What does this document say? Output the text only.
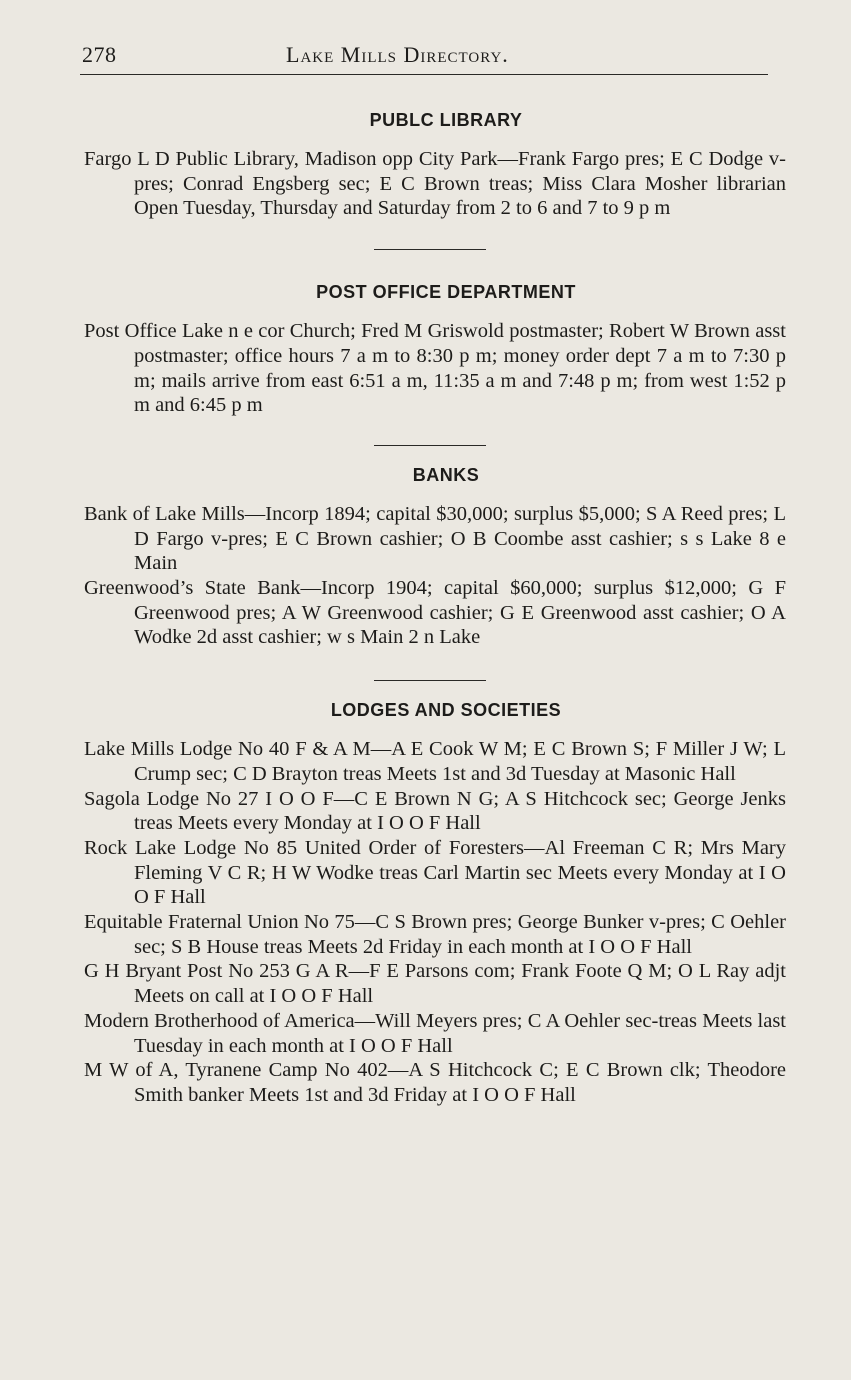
278	Lake Mills Directory.
PUBLC LIBRARY

Fargo L D Public Library, Madison opp City Park—Frank Fargo pres; E C Dodge v-pres; Conrad Engsberg sec; E C Brown treas; Miss Clara Mosher librarian Open Tuesday, Thursday and Saturday from 2 to 6 and 7 to 9 p m

POST OFFICE DEPARTMENT

Post Office Lake n e cor Church; Fred M Griswold postmaster; Robert W Brown asst postmaster; office hours 7 a m to 8:30 p m; money order dept 7 a m to 7:30 p m; mails arrive from east 6:51 a m, 11:35 a m and 7:48 p m; from west 1:52 p m and 6:45 p m

BANKS

Bank of Lake Mills—Incorp 1894; capital $30,000; surplus $5,000; S A Reed pres; L D Fargo v-pres; E C Brown cashier; O B Coombe asst cashier; s s Lake 8 e Main

Greenwood’s State Bank—Incorp 1904; capital $60,000; surplus $12,000; G F Greenwood pres; A W Greenwood cashier; G E Greenwood asst cashier; O A Wodke 2d asst cashier; w s Main 2 n Lake

LODGES AND SOCIETIES

Lake Mills Lodge No 40 F & A M—A E Cook W M; E C Brown S; F Miller J W; L Crump sec; C D Brayton treas Meets 1st and 3d Tuesday at Masonic Hall

Sagola Lodge No 27 I O O F—C E Brown N G; A S Hitchcock sec; George Jenks treas Meets every Monday at I O O F Hall

Rock Lake Lodge No 85 United Order of Foresters—Al Freeman C R; Mrs Mary Fleming V C R; H W Wodke treas Carl Martin sec Meets every Monday at I O O F Hall

Equitable Fraternal Union No 75—C S Brown pres; George Bunker v-pres; C Oehler sec; S B House treas Meets 2d Friday in each month at I O O F Hall

G H Bryant Post No 253 G A R—F E Parsons com; Frank Foote Q M; O L Ray adjt Meets on call at I O O F Hall

Modern Brotherhood of America—Will Meyers pres; C A Oehler sec-treas Meets last Tuesday in each month at I O O F Hall

M W of A, Tyranene Camp No 402—A S Hitchcock C; E C Brown clk; Theodore Smith banker Meets 1st and 3d Friday at I O O F Hall
